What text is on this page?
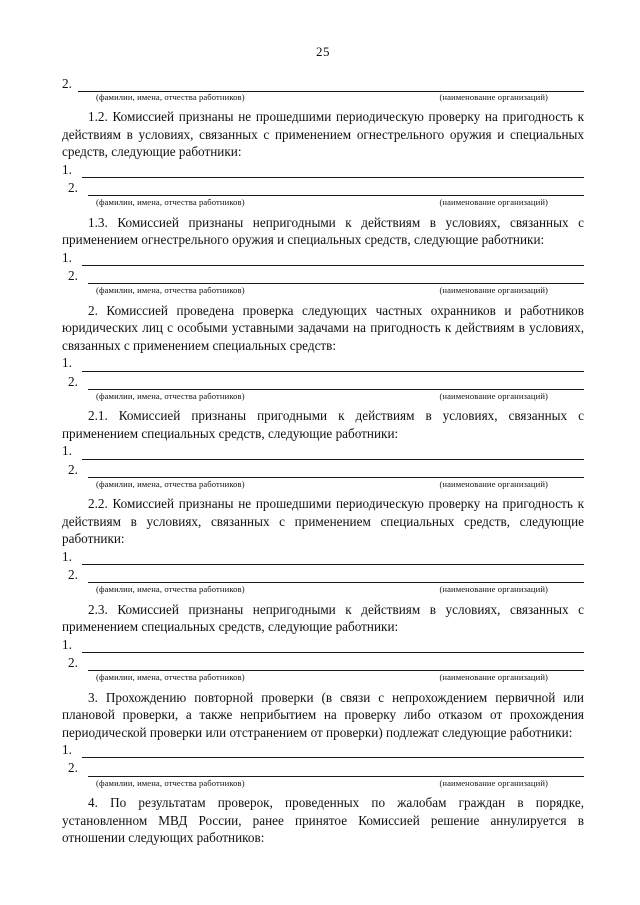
25
2.
(фамилии, имена, отчества работников)	(наименование организаций)

1.2. Комиссией признаны не прошедшими периодическую проверку на пригодность к действиям в условиях, связанных с применением огнестрельного оружия и специальных средств, следующие работники:

1.
2.
(фамилии, имена, отчества работников)	(наименование организаций)

1.3. Комиссией признаны непригодными к действиям в условиях, связанных с применением огнестрельного оружия и специальных средств, следующие работники:

1.
2.
(фамилии, имена, отчества работников)	(наименование организаций)

2. Комиссией проведена проверка следующих частных охранников и работников юридических лиц с особыми уставными задачами на пригодность к действиям в условиях, связанных с применением специальных средств:

1.
2.
(фамилии, имена, отчества работников)	(наименование организаций)

2.1. Комиссией признаны пригодными к действиям в условиях, связанных с применением специальных средств, следующие работники:

1.
2.
(фамилии, имена, отчества работников)	(наименование организаций)

2.2. Комиссией признаны не прошедшими периодическую проверку на пригодность к действиям в условиях, связанных с применением специальных средств, следующие работники:

1.
2.
(фамилии, имена, отчества работников)	(наименование организаций)

2.3. Комиссией признаны непригодными к действиям в условиях, связанных с применением специальных средств, следующие работники:

1.
2.
(фамилии, имена, отчества работников)	(наименование организаций)

3. Прохождению повторной проверки (в связи с непрохождением первичной или плановой проверки, а также неприбытием на проверку либо отказом от прохождения периодической проверки или отстранением от проверки) подлежат следующие работники:

1.
2.
(фамилии, имена, отчества работников)	(наименование организаций)

4. По результатам проверок, проведенных по жалобам граждан в порядке, установленном МВД России, ранее принятое Комиссией решение аннулируется в отношении следующих работников:
